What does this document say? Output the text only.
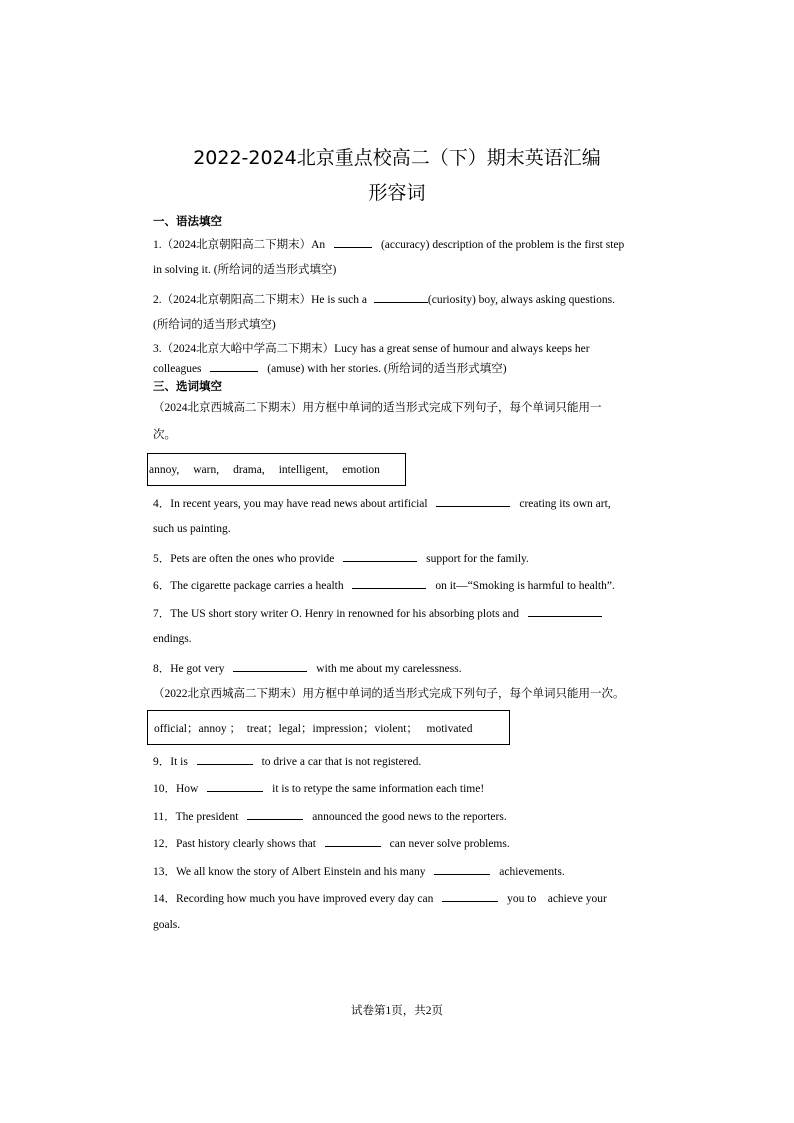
2022-2024北京重点校高二（下）期末英语汇编
形容词
一、语法填空
1.（2024北京朝阳高二下期末）An	(accuracy) description of the problem is the first step
in solving it. (所给词的适当形式填空)
2.（2024北京朝阳高二下期末）He is such a	(curiosity) boy, always asking questions.
(所给词的适当形式填空)
3.（2024北京大峪中学高二下期末）Lucy has a great sense of humour and always keeps her
colleagues	(amuse) with her stories. (所给词的适当形式填空)
三、选词填空
（2024北京西城高二下期末）用方框中单词的适当形式完成下列句子，每个单词只能用一
次。
annoy, warn, drama, intelligent, emotion
4．In recent years, you may have read news about artificial	creating its own art,
such us painting.
5．Pets are often the ones who provide	support for the family.
6．The cigarette package carries a health	on it—“Smoking is harmful to health”.
7．The US short story writer O. Henry in renowned for his absorbing plots and
endings.
8．He got very	with me about my carelessness.
（2022北京西城高二下期末）用方框中单词的适当形式完成下列句子，每个单词只能用一次。
official；annoy ；  treat；legal；impression；violent；   motivated
9．It is	to drive a car that is not registered.
10．How	it is to retype the same information each time!
11．The president	announced the good news to the reporters.
12．Past history clearly shows that	can never solve problems.
13．We all know the story of Albert Einstein and his many	achievements.
14．Recording how much you have improved every day can	you to    achieve your
goals.
试卷第1页，共2页
